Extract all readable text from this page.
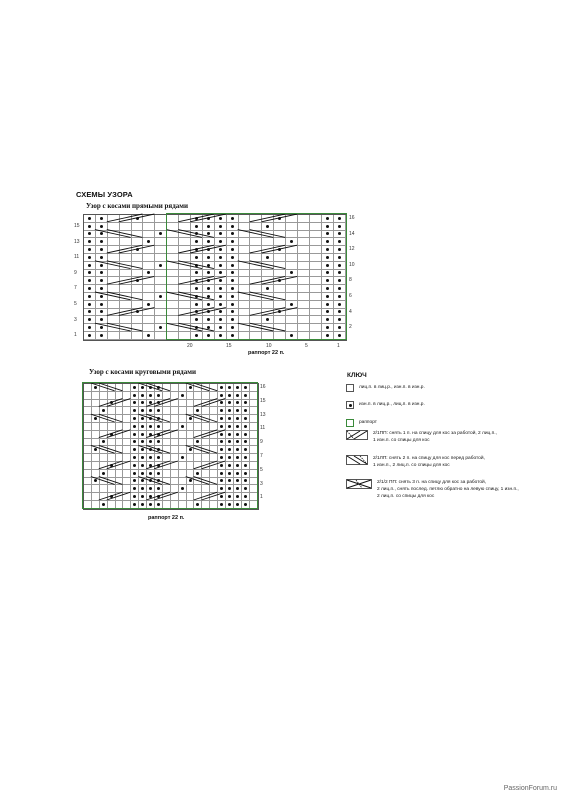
СХЕМЫ УЗОРА
Узор с косами прямыми рядами
15
13
11
9
7
5
3
1
16
14
12
10
8
6
4
2
20	15	10	5	1
раппорт 22 п.
Узор с косами круговыми рядами
16
15
13
11
9
7
5
3
1
раппорт 22 п.
КЛЮЧ
лиц.п. в лиц.р., изн.п. в изн.р.
изн.п. в лиц.р., лиц.п. в изн.р.
раппорт
2/1ПП: снять 1 п. на спицу для кос за работой, 2 лиц.п.,
1 изн.п. со спицы для кос
2/1ЛП: снять 2 п. на спицу для кос перед работой,
1 изн.п., 2 лиц.п. со спицы для кос
2/1/2 ПП: снять 3 п. на спицу для кос за работой,
2 лиц.п., снять послед. петлю обратно на левую спицу, 1 изн.п.,
2 лиц.п. со спицы для кос
PassionForum.ru
